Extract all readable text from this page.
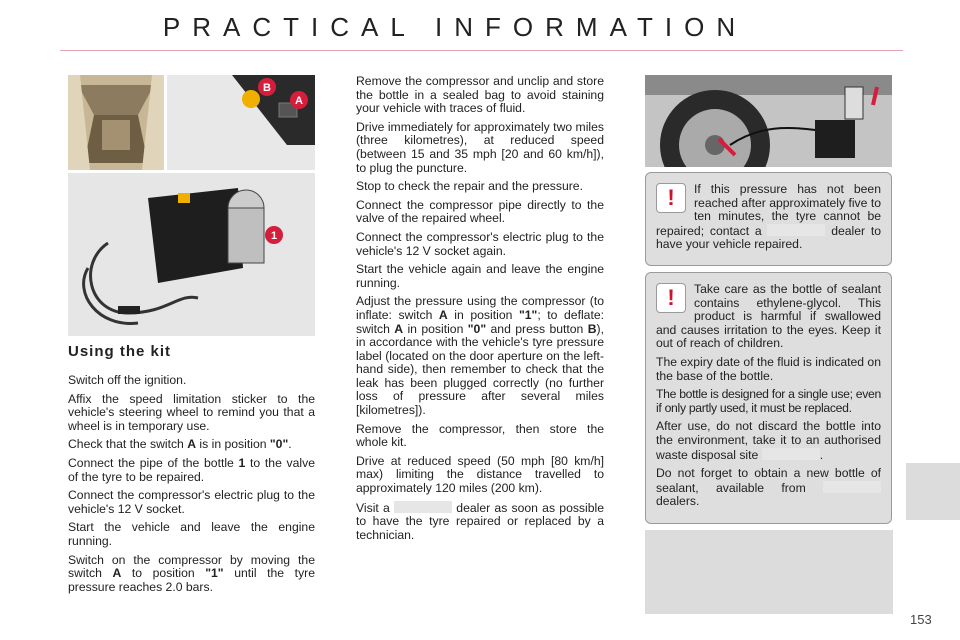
PRACTICAL INFORMATION
B
A
1
Using the kit

Switch off the ignition.

Affix the speed limitation sticker to the vehicle's steering wheel to remind you that a wheel is in temporary use.

Check that the switch A is in position "0".

Connect the pipe of the bottle 1 to the valve of the tyre to be repaired.

Connect the compressor's electric plug to the vehicle's 12 V socket.

Start the vehicle and leave the engine running.

Switch on the compressor by moving the switch A to position "1" until the tyre pressure reaches 2.0 bars.

Remove the compressor and unclip and store the bottle in a sealed bag to avoid staining your vehicle with traces of fluid.

Drive immediately for approximately two miles (three kilometres), at reduced speed (between 15 and 35 mph [20 and 60 km/h]), to plug the puncture.

Stop to check the repair and the pressure.

Connect the compressor pipe directly to the valve of the repaired wheel.

Connect the compressor's electric plug to the vehicle's 12 V socket again.

Start the vehicle again and leave the engine running.

Adjust the pressure using the compressor (to inflate: switch A in position "1"; to deflate: switch A in position "0" and press button B), in accordance with the vehicle's tyre pressure label (located on the door aperture on the left-hand side), then remember to check that the leak has been plugged correctly (no further loss of pressure after several miles [kilometres]).

Remove the compressor, then store the whole kit.

Drive at reduced speed (50 mph [80 km/h] max) limiting the distance travelled to approximately 120 miles (200 km).

Visit a	dealer as soon as possible to have the tyre repaired or replaced by a technician.

!	If this pressure has not been reached after approximately five to ten minutes, the tyre cannot be repaired; contact a	dealer to have your vehicle repaired.

!	Take care as the bottle of sealant contains ethylene-glycol. This product is harmful if swallowed and causes irritation to the eyes. Keep it out of reach of children.

The expiry date of the fluid is indicated on the base of the bottle.

The bottle is designed for a single use; even if only partly used, it must be replaced.

After use, do not discard the bottle into the environment, take it to an authorised waste disposal site	.

Do not forget to obtain a new bottle of sealant, available from  dealers.

153
